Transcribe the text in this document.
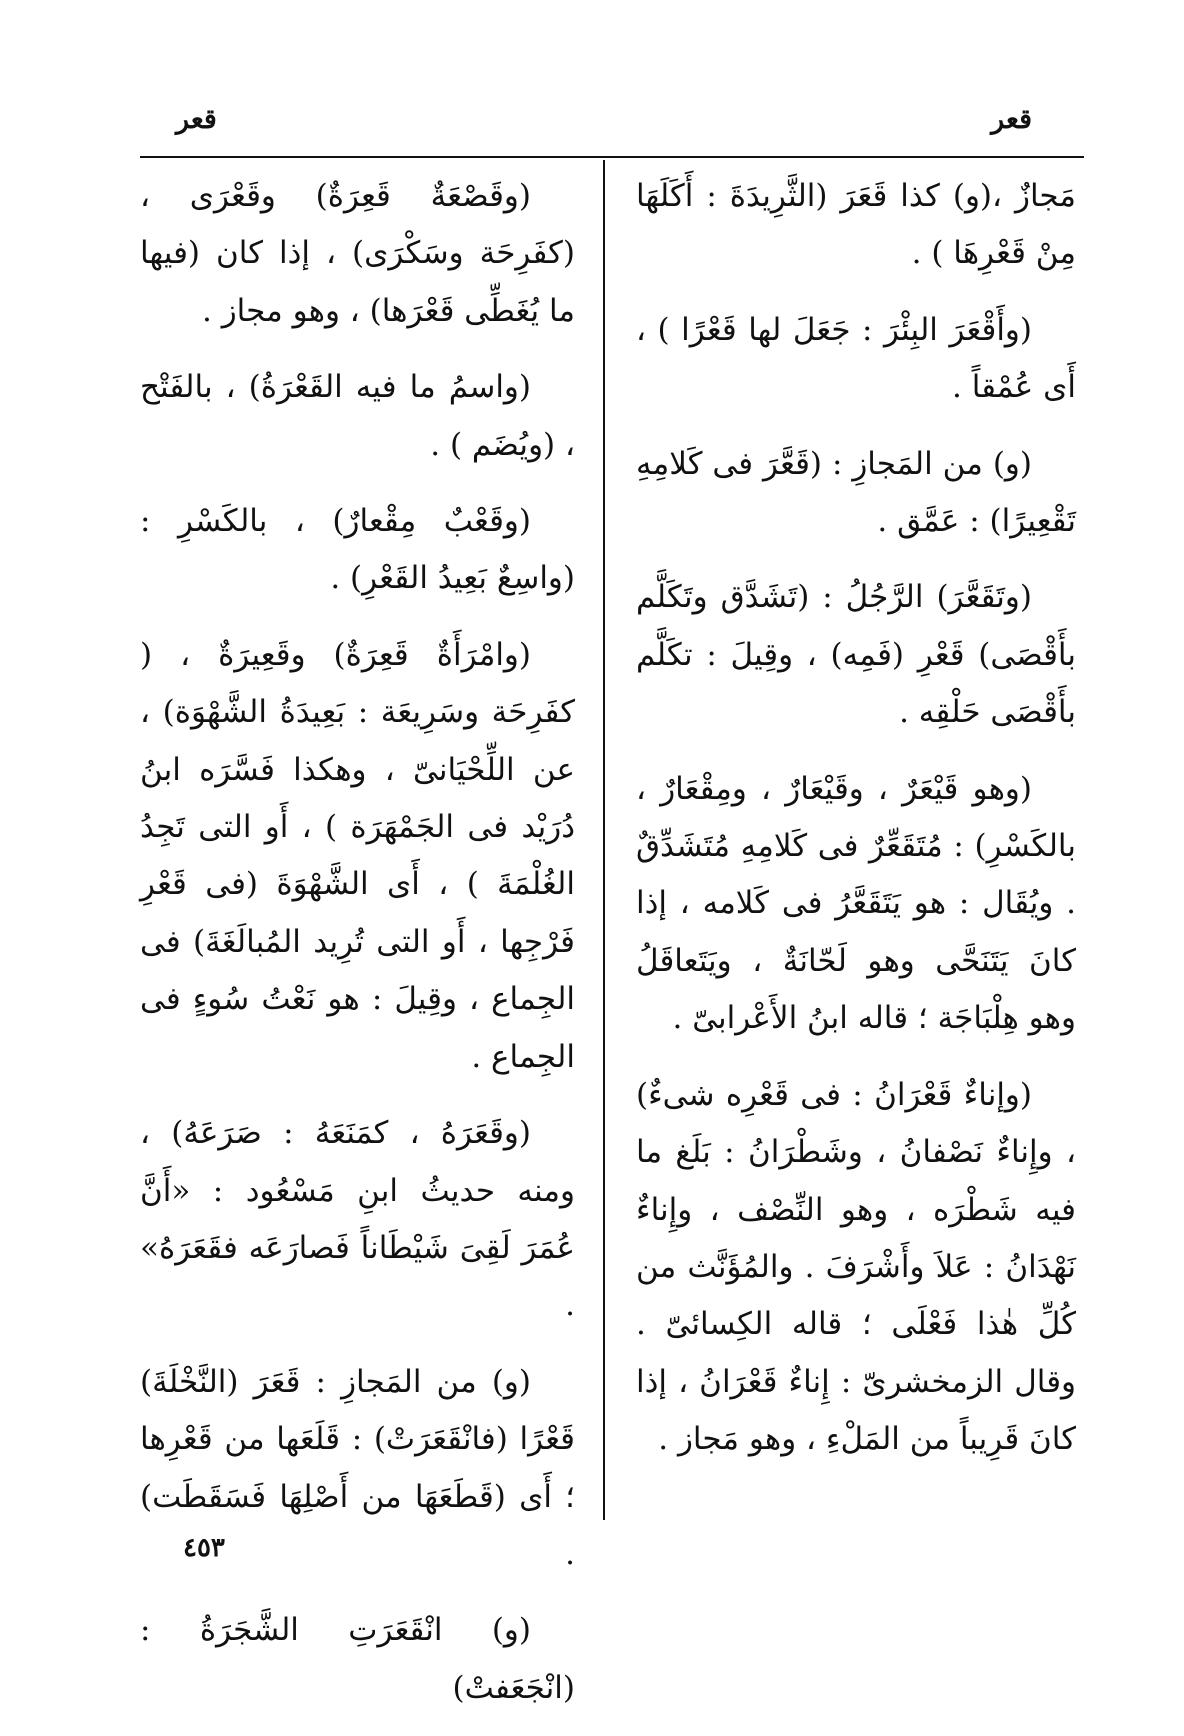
قعر
قعر

مَجازٌ ،(و) كذا قَعَرَ (الثَّرِيدَةَ : أَكَلَهَا مِنْ قَعْرِهَا ) .

(وأَقْعَرَ البِئْرَ : جَعَلَ لها قَعْرًا ) ، أَى عُمْقاً .

(و) من المَجازِ : (قَعَّرَ فى كَلامِهِ تَقْعِيرًا) : عَمَّق .

(وتَقَعَّرَ) الرَّجُلُ : (تَشَدَّق وتَكَلَّم بأَقْصَى) قَعْرِ (فَمِه) ، وقِيلَ : تكَلَّم بأَقْصَى حَلْقِه .

(وهو قَيْعَرٌ ، وقَيْعَارٌ ، ومِقْعَارٌ ، بالكَسْرِ) : مُتَقَعِّرٌ فى كَلامِهِ مُتَشَدِّقٌ . ويُقَال : هو يَتَقَعَّرُ فى كَلامه ، إذا كانَ يَتَنَحَّى وهو لَحّانَةٌ ، ويَتَعاقَلُ وهو هِلْبَاجَة ؛ قاله ابنُ الأَعْرابىّ .

(وإناءٌ قَعْرَانُ : فى قَعْرِه شىءٌ) ، وإِناءٌ نَصْفانُ ، وشَطْرَانُ : بَلَغ ما فيه شَطْرَه ، وهو النِّصْف ، وإِناءٌ نَهْدَانُ : عَلاَ وأَشْرَفَ . والمُؤَنَّث من كُلِّ هٰذا فَعْلَى ؛ قاله الكِسائىّ . وقال الزمخشرىّ : إِناءٌ قَعْرَانُ ، إذا كانَ قَرِيباً من المَلْءِ ، وهو مَجاز .

(وقَصْعَةٌ قَعِرَةٌ) وقَعْرَى ، (كفَرِحَة وسَكْرَى) ، إذا كان (فيها ما يُغَطِّى قَعْرَها) ، وهو مجاز .

(واسمُ ما فيه القَعْرَةُ) ، بالفَتْح ، (ويُضَم ) .

(وقَعْبٌ مِقْعارٌ) ، بالكَسْرِ : (واسِعٌ بَعِيدُ القَعْرِ) .

(وامْرَأَةٌ قَعِرَةٌ) وقَعِيرَةٌ ، ( كفَرِحَة وسَرِيعَة : بَعِيدَةُ الشَّهْوَة) ، عن اللِّحْيَانىّ ، وهكذا فَسَّرَه ابنُ دُرَيْد فى الجَمْهَرَة ) ، أَو التى تَجِدُ الغُلْمَةَ ) ، أَى الشَّهْوَةَ (فى قَعْرِ فَرْجِها ، أَو التى تُرِيد المُبالَغَةَ) فى الجِماع ، وقِيلَ : هو نَعْتُ سُوءٍ فى الجِماع .

(وقَعَرَهُ ، كمَنَعَهُ : صَرَعَهُ) ، ومنه حديثُ ابنِ مَسْعُود : «أَنَّ عُمَرَ لَقِىَ شَيْطَاناً فَصارَعَه فقَعَرَهُ» .

(و) من المَجازِ : قَعَرَ (النَّخْلَةَ) قَعْرًا (فانْقَعَرَتْ) : قَلَعَها من قَعْرِها ؛ أَى (قَطَعَهَا من أَصْلِهَا فَسَقَطَت) .

(و) انْقَعَرَتِ الشَّجَرَةُ :(انْجَعَفتْ)

٤٥٣
